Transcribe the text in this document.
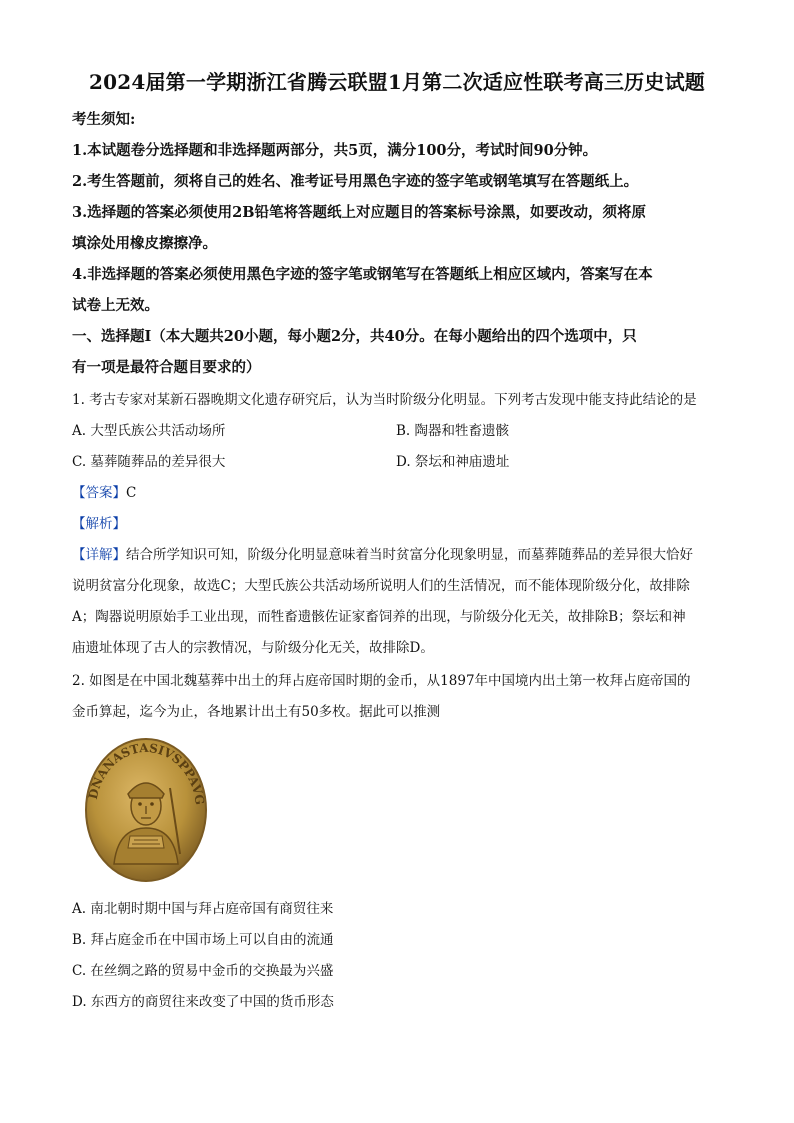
2024届第一学期浙江省腾云联盟1月第二次适应性联考高三历史试题
考生须知:
1.本试题卷分选择题和非选择题两部分，共5页，满分100分，考试时间90分钟。
2.考生答题前，须将自己的姓名、准考证号用黑色字迹的签字笔或钢笔填写在答题纸上。
3.选择题的答案必须使用2B铅笔将答题纸上对应题目的答案标号涂黑，如要改动，须将原
填涂处用橡皮擦擦净。
4.非选择题的答案必须使用黑色字迹的签字笔或钢笔写在答题纸上相应区域内，答案写在本
试卷上无效。
一、选择题Ⅰ（本大题共20小题，每小题2分，共40分。在每小题给出的四个选项中，只
有一项是最符合题目要求的）
1. 考古专家对某新石器晚期文化遗存研究后，认为当时阶级分化明显。下列考古发现中能支持此结论的是
A. 大型氏族公共活动场所	B. 陶器和牲畜遗骸
C. 墓葬随葬品的差异很大	D. 祭坛和神庙遗址
【答案】C
【解析】
【详解】结合所学知识可知，阶级分化明显意味着当时贫富分化现象明显，而墓葬随葬品的差异很大恰好
说明贫富分化现象，故选C；大型氏族公共活动场所说明人们的生活情况，而不能体现阶级分化，故排除
A；陶器说明原始手工业出现，而牲畜遗骸佐证家畜饲养的出现，与阶级分化无关，故排除B；祭坛和神
庙遗址体现了古人的宗教情况，与阶级分化无关，故排除D。
2. 如图是在中国北魏墓葬中出土的拜占庭帝国时期的金币，从1897年中国境内出土第一枚拜占庭帝国的
金币算起，迄今为止，各地累计出土有50多枚。据此可以推测
DNANASTASIVSPPAVG
A. 南北朝时期中国与拜占庭帝国有商贸往来
B. 拜占庭金币在中国市场上可以自由的流通
C. 在丝绸之路的贸易中金币的交换最为兴盛
D. 东西方的商贸往来改变了中国的货币形态
